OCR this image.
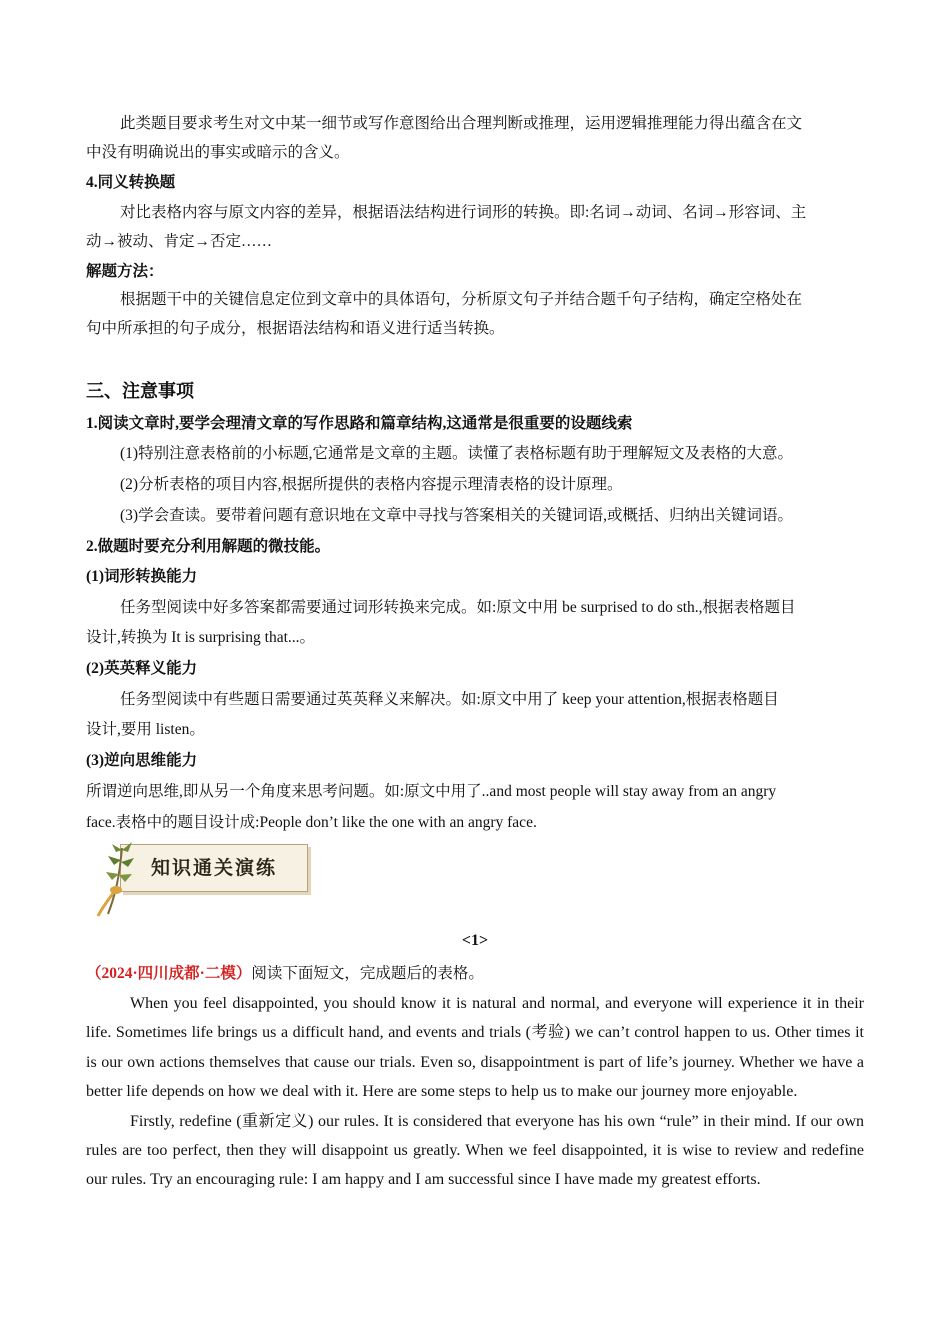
此类题目要求考生对文中某一细节或写作意图给出合理判断或推理，运用逻辑推理能力得出蕴含在文
中没有明确说出的事实或暗示的含义。
4.同义转换题
对比表格内容与原文内容的差异，根据语法结构进行词形的转换。即:名词→动词、名词→形容词、主
动→被动、肯定→否定……
解题方法：
根据题干中的关键信息定位到文章中的具体语句，分析原文句子并结合题千句子结构，确定空格处在
句中所承担的句子成分，根据语法结构和语义进行适当转换。
三、注意事项
1.阅读文章时,要学会理清文章的写作思路和篇章结构,这通常是很重要的设题线索
(1)特别注意表格前的小标题,它通常是文章的主题。读懂了表格标题有助于理解短文及表格的大意。
(2)分析表格的项目内容,根据所提供的表格内容提示理清表格的设计原理。
(3)学会查读。要带着问题有意识地在文章中寻找与答案相关的关键词语,或概括、归纳出关键词语。
2.做题时要充分利用解题的微技能。
(1)词形转换能力
任务型阅读中好多答案都需要通过词形转换来完成。如:原文中用 be surprised to do sth.,根据表格题目
设计,转换为 It is surprising that...。
(2)英英释义能力
任务型阅读中有些题日需要通过英英释义来解决。如:原文中用了 keep your attention,根据表格题目
设计,要用 listen。
(3)逆向思维能力
所谓逆向思维,即从另一个角度来思考问题。如:原文中用了..and most people will stay away from an angry
face.表格中的题目设计成:People don’t like the one with an angry face.
知识通关演练
<1>
（2024·四川成都·二模）阅读下面短文，完成题后的表格。

When you feel disappointed, you should know it is natural and normal, and everyone will experience it in their life. Sometimes life brings us a difficult hand, and events and trials (考验) we can’t control happen to us. Other times it is our own actions themselves that cause our trials. Even so, disappointment is part of life’s journey. Whether we have a better life depends on how we deal with it. Here are some steps to help us to make our journey more enjoyable.

Firstly, redefine (重新定义) our rules. It is considered that everyone has his own “rule” in their mind. If our own rules are too perfect, then they will disappoint us greatly. When we feel disappointed, it is wise to review and redefine our rules. Try an encouraging rule: I am happy and I am successful since I have made my greatest efforts.
